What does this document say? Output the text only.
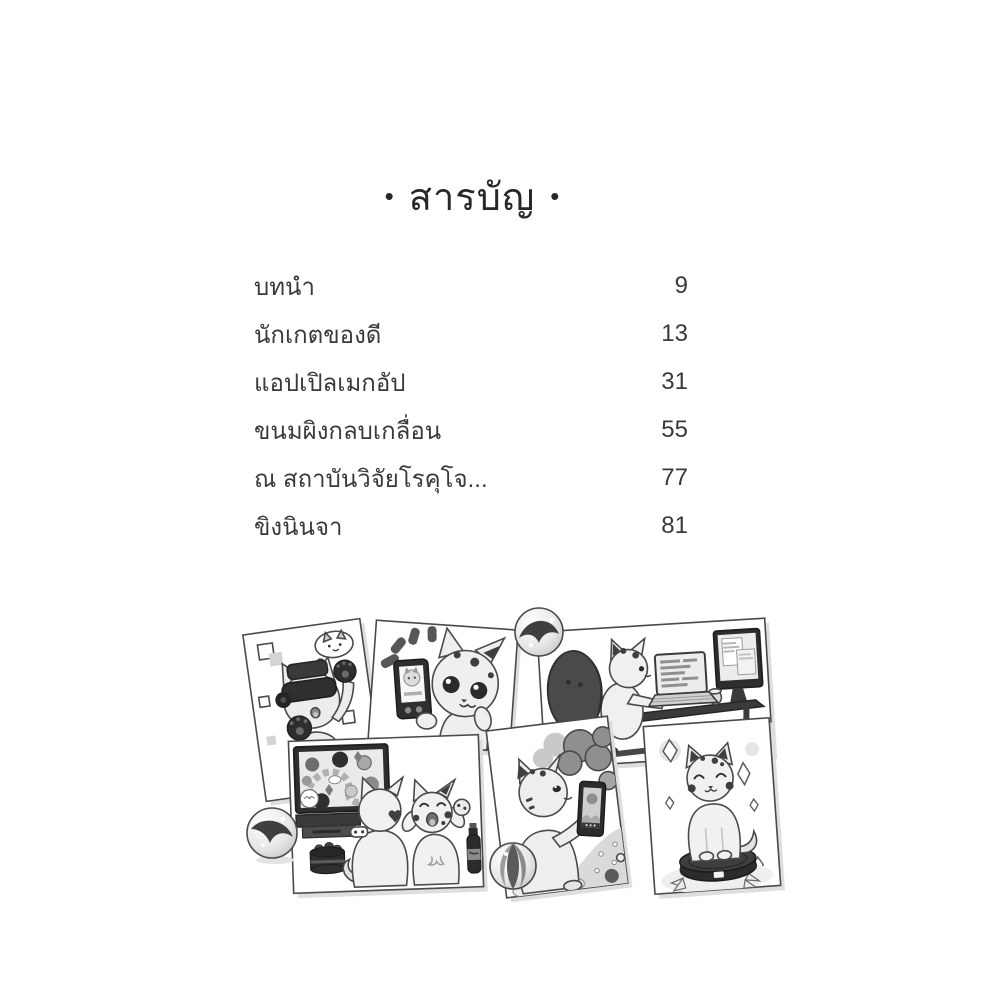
• สารบัญ •
บทนำ	9
นักเกตของดี	13
แอปเปิลเมกอัป	31
ขนมผิงกลบเกลื่อน	55
ณ สถาบันวิจัยโรคุโจ...	77
ขิงนินจา	81
